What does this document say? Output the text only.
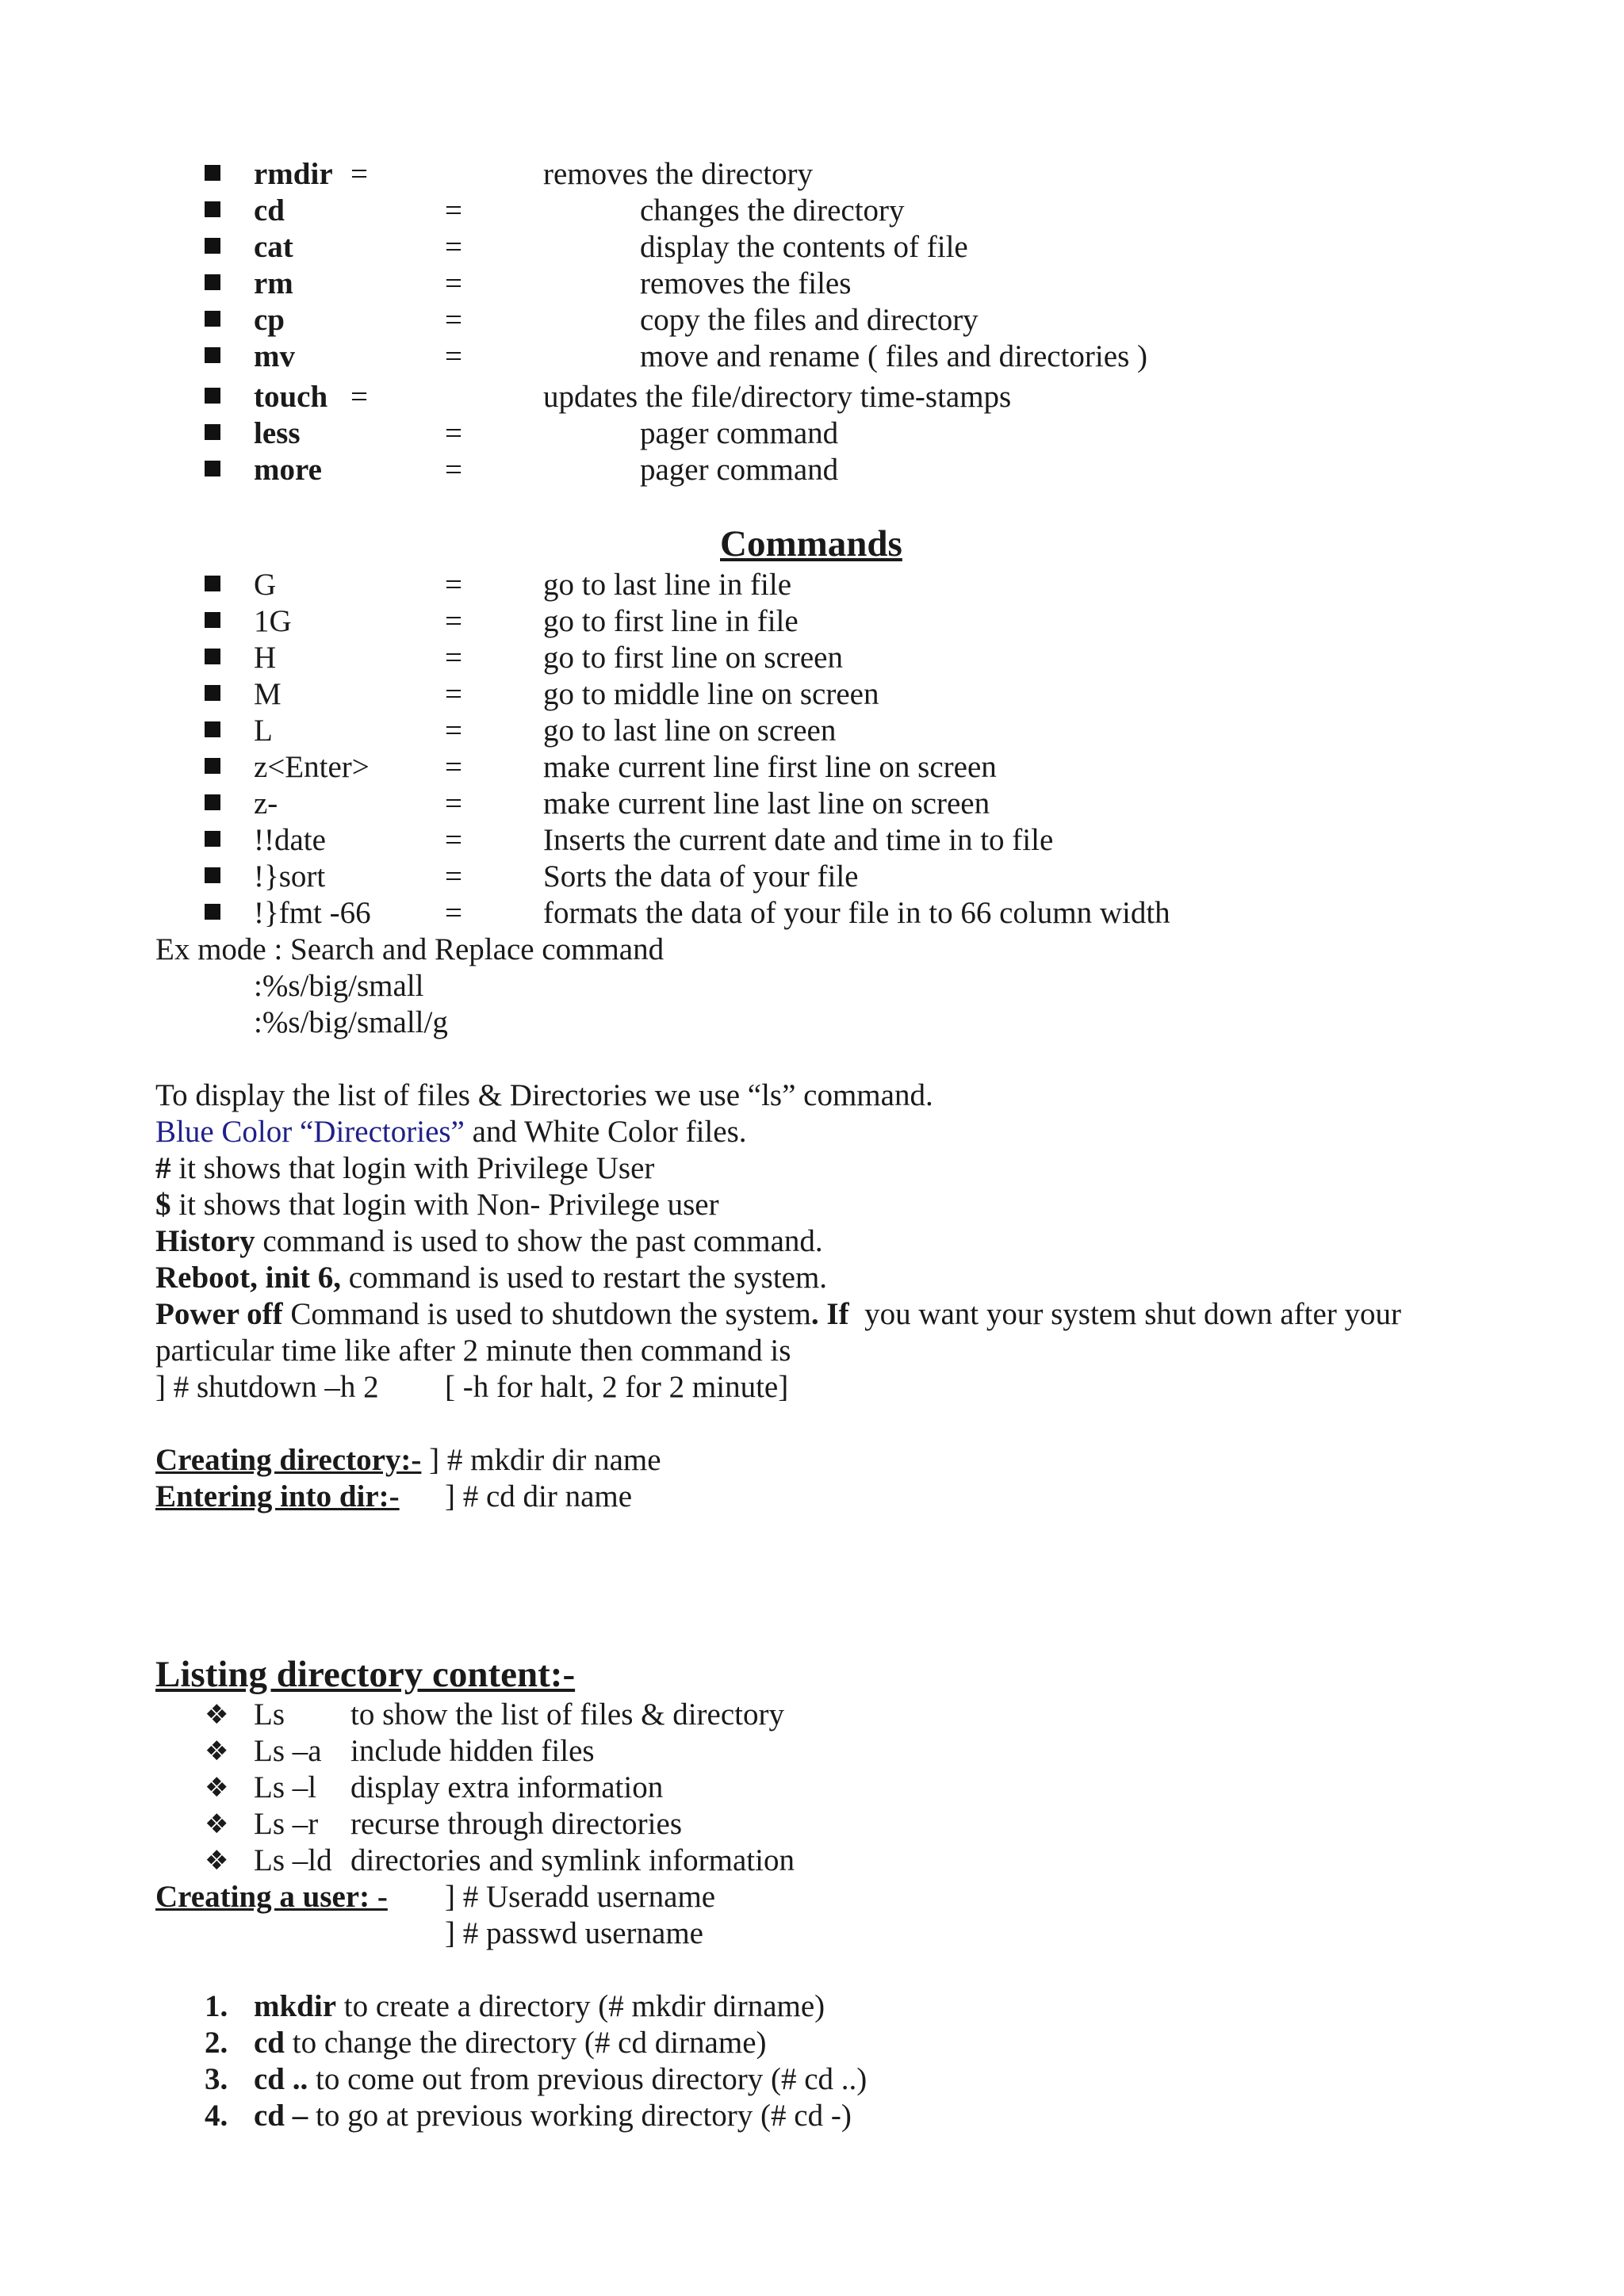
rmdir =	removes the directory
cd	=	changes the directory
cat	=	display the contents of file
rm	=	removes the files
cp	=	copy the files and directory
mv	=	move and rename ( files and directories )
touch =	updates the file/directory time-stamps
less	=	pager command
more	=	pager command
Commands
G	=	go to last line in file
1G	=	go to first line in file
H	=	go to first line on screen
M	=	go to middle line on screen
L	=	go to last line on screen
z<Enter> =	make current line first line on screen
z-	=	make current line last line on screen
!!date	=	Inserts the current date and time in to file
!}sort	=	Sorts the data of your file
!}fmt -66 =	formats the data of your file in to 66 column width
Ex mode : Search and Replace command
:%s/big/small
:%s/big/small/g
To display the list of files & Directories we use “ls” command.
Blue Color “Directories” and White Color files.
# it shows that login with Privilege User
$ it shows that login with Non- Privilege user
History command is used to show the past command.
Reboot, init 6, command is used to restart the system.
Power off Command is used to shutdown the system. If  you want your system shut down after your
particular time like after 2 minute then command is
] # shutdown –h 2 [ -h for halt, 2 for 2 minute]
Creating directory:- ] # mkdir dir name
Entering into dir:- ] # cd dir name
Listing directory content:-
❖ Ls to show the list of files & directory
❖ Ls –a include hidden files
❖ Ls –l display extra information
❖ Ls –r recurse through directories
❖ Ls –ld directories and symlink information
Creating a user: - ] # Useradd username
] # passwd username
1. mkdir to create a directory (# mkdir dirname)
2. cd to change the directory (# cd dirname)
3. cd .. to come out from previous directory (# cd ..)
4. cd – to go at previous working directory (# cd -)
